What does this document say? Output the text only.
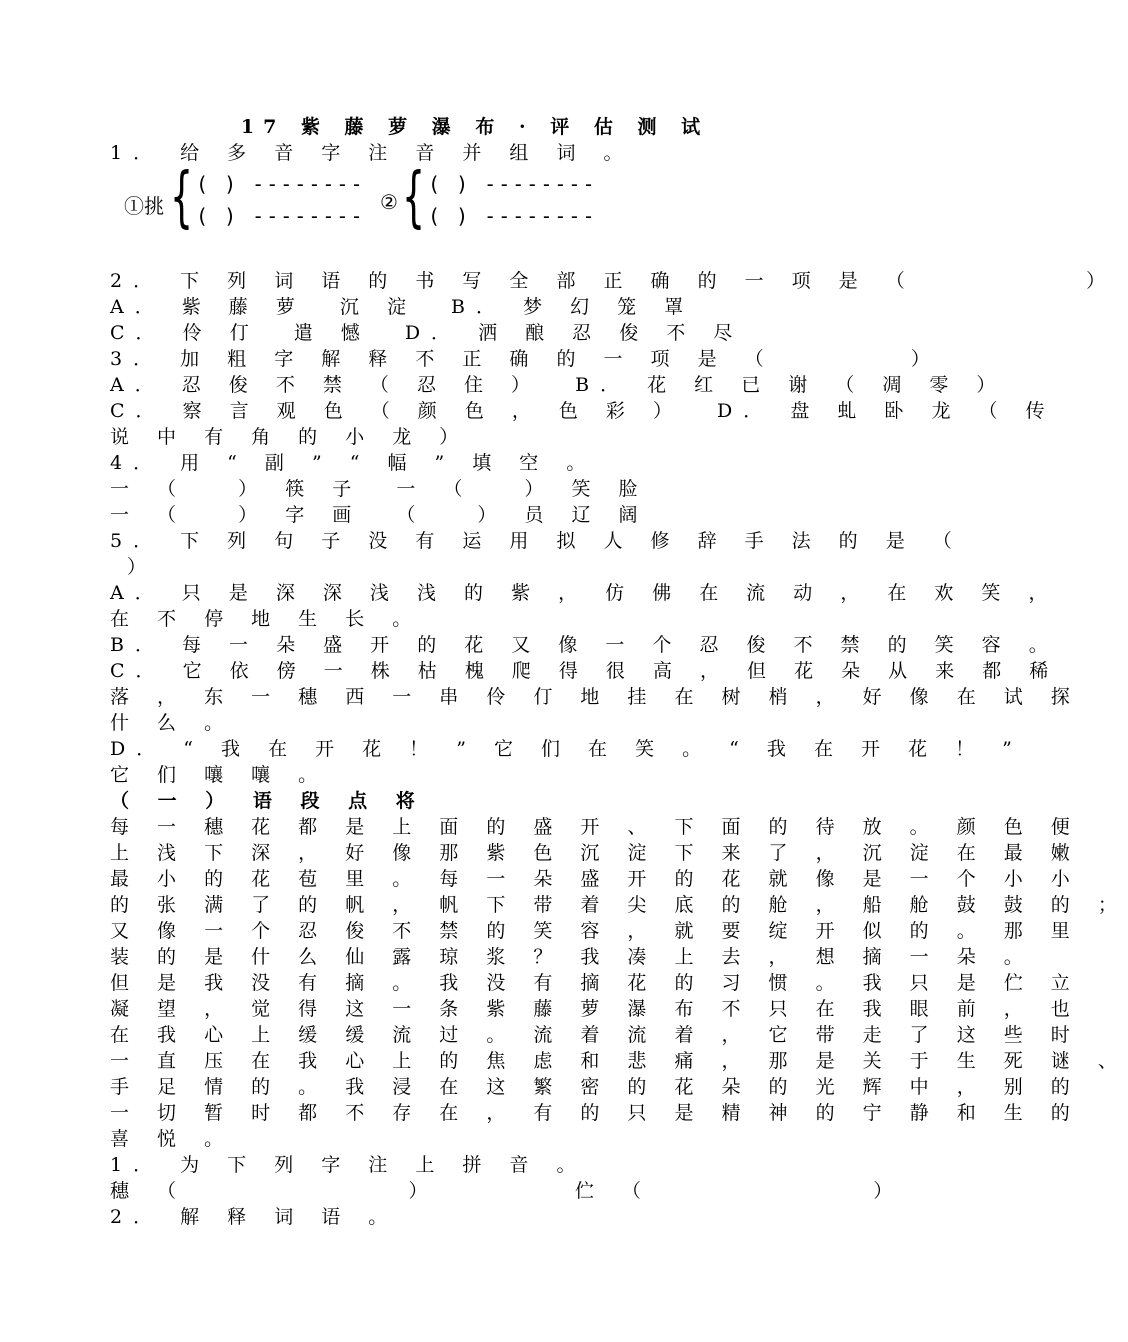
17 紫 藤 萝 瀑 布 · 评 估 测 试
1． 给 多 音 字 注 音 并 组 词 。
①挑 { ( ) --------
( ) --------
② { ( ) --------
( ) --------
2． 下 列 词 语 的 书 写 全 部 正 确 的 一 项 是 （          ）
A． 紫 藤 萝  沉 淀  B． 梦 幻 笼 罩
C． 伶 仃  遣 憾  D． 洒 酿 忍 俊 不 尽
3． 加 粗 字 解 释 不 正 确 的 一 项 是 （        ）
A． 忍 俊 不 禁 （ 忍 住 ）  B． 花 红 已 谢 （ 凋 零 ）
C． 察 言 观 色 （ 颜 色 ， 色 彩 ）  D． 盘 虬 卧 龙 （ 传
说 中 有 角 的 小 龙 ）
4． 用 “ 副 ” “ 幅 ” 填 空 。
一 （   ） 筷 子  一 （   ） 笑 脸
一 （   ） 字 画  （   ） 员 辽 阔
5． 下 列 句 子 没 有 运 用 拟 人 修 辞 手 法 的 是 （
）
A． 只 是 深 深 浅 浅 的 紫 ， 仿 佛 在 流 动 ， 在 欢 笑 ，
在 不 停 地 生 长 。
B． 每 一 朵 盛 开 的 花 又 像 一 个 忍 俊 不 禁 的 笑 容 。
C． 它 依 傍 一 株 枯 槐 爬 得 很 高 ， 但 花 朵 从 来 都 稀
落 ， 东 一 穗 西 一 串 伶 仃 地 挂 在 树 梢 ， 好 像 在 试 探
什 么 。
D． “ 我 在 开 花 ！ ” 它 们 在 笑 。 “ 我 在 开 花 ！ ”
它 们 嚷 嚷 。
（ 一 ） 语 段 点 将
每 一 穗 花 都 是 上 面 的 盛 开 、 下 面 的 待 放 。 颜 色 便
上 浅 下 深 ， 好 像 那 紫 色 沉 淀 下 来 了 ， 沉 淀 在 最 嫩
最 小 的 花 苞 里 。 每 一 朵 盛 开 的 花 就 像 是 一 个 小 小
的 张 满 了 的 帆 ， 帆 下 带 着 尖 底 的 舱 ， 船 舱 鼓 鼓 的 ；
又 像 一 个 忍 俊 不 禁 的 笑 容 ， 就 要 绽 开 似 的 。 那 里
装 的 是 什 么 仙 露 琼 浆 ？ 我 凑 上 去 ， 想 摘 一 朵 。
但 是 我 没 有 摘 。 我 没 有 摘 花 的 习 惯 。 我 只 是 伫 立
凝 望 ， 觉 得 这 一 条 紫 藤 萝 瀑 布 不 只 在 我 眼 前 ， 也
在 我 心 上 缓 缓 流 过 。 流 着 流 着 ， 它 带 走 了 这 些 时
一 直 压 在 我 心 上 的 焦 虑 和 悲 痛 ， 那 是 关 于 生 死 谜 、
手 足 情 的 。 我 浸 在 这 繁 密 的 花 朵 的 光 辉 中 ， 别 的
一 切 暂 时 都 不 存 在 ， 有 的 只 是 精 神 的 宁 静 和 生 的
喜 悦 。
1． 为 下 列 字 注 上 拼 音 。
穗 （             ）        伫 （             ）
2． 解 释 词 语 。
